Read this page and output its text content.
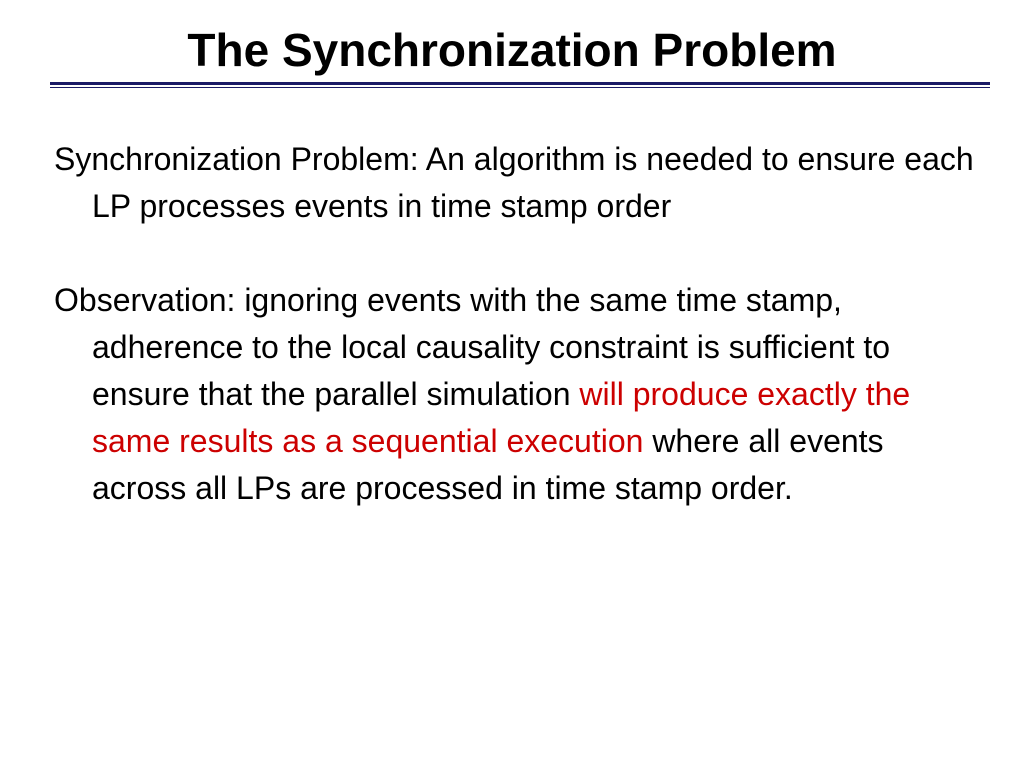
The Synchronization Problem

Synchronization Problem: An algorithm is needed to ensure each LP processes events in time stamp order

Observation: ignoring events with the same time stamp, adherence to the local causality constraint is sufficient to ensure that the parallel simulation will produce exactly the same results as a sequential execution where all events across all LPs are processed in time stamp order.
